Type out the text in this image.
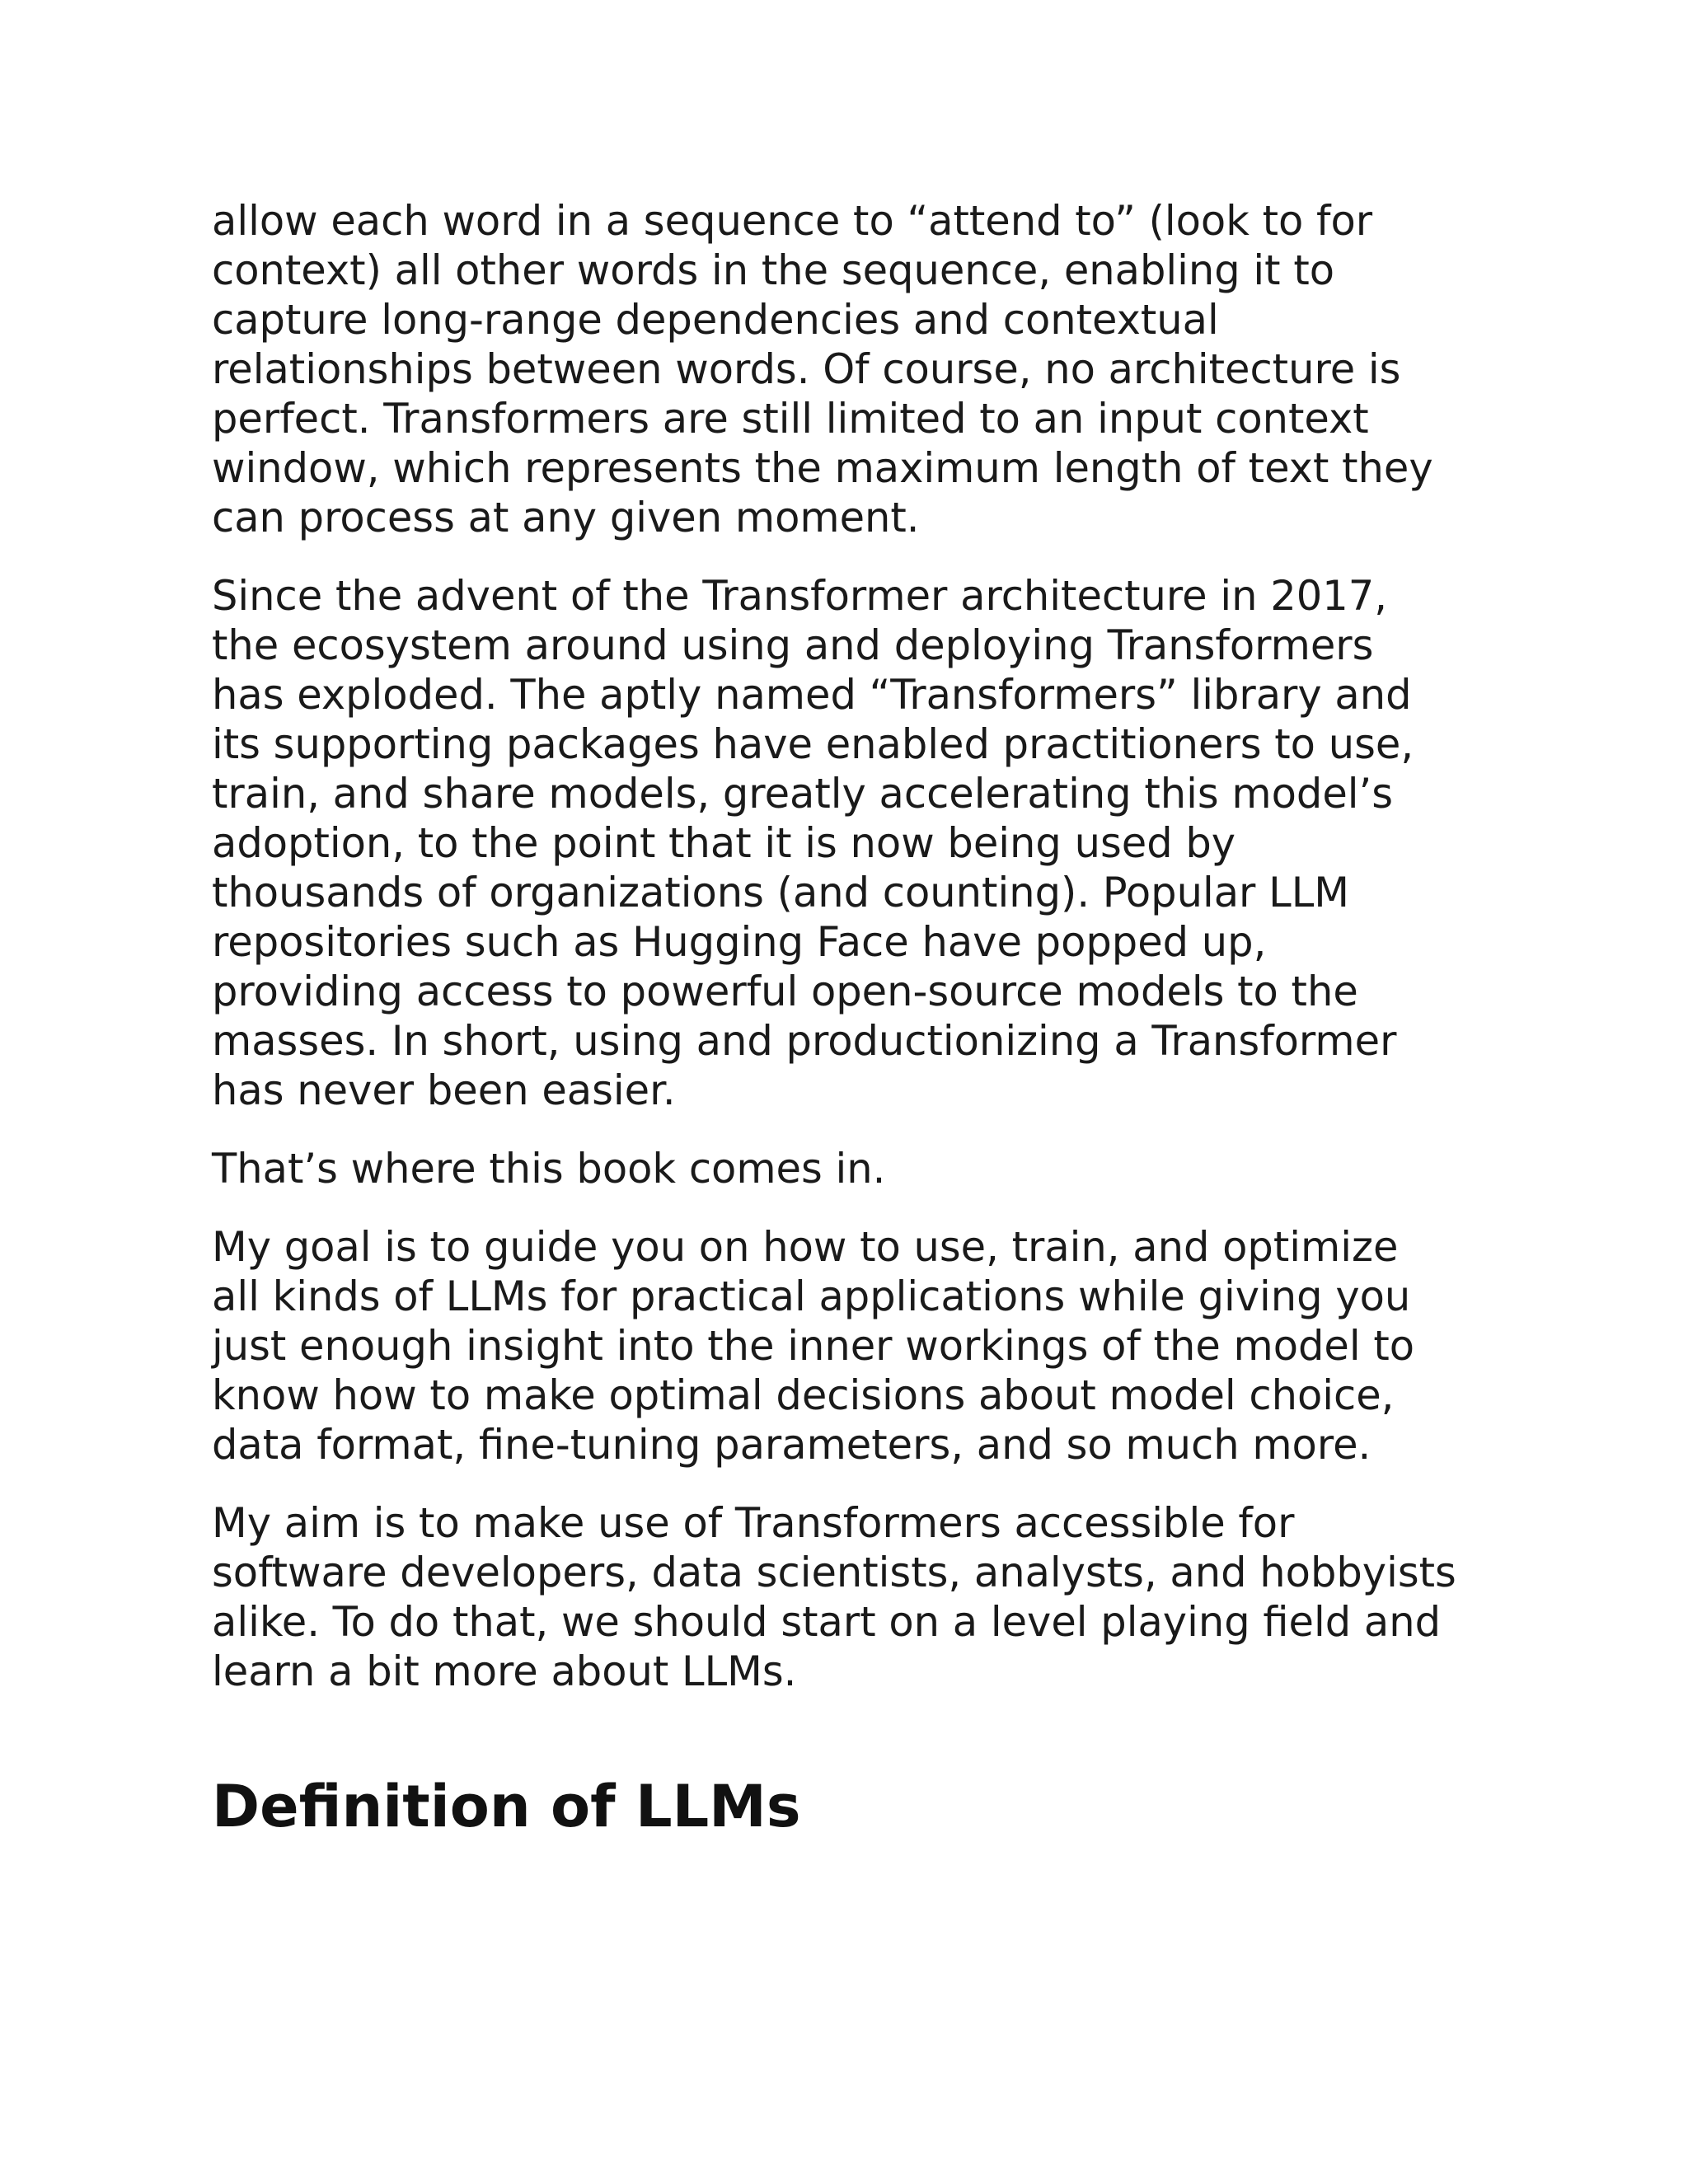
allow each word in a sequence to “attend to” (look to for
context) all other words in the sequence, enabling it to
capture long-range dependencies and contextual
relationships between words. Of course, no architecture is
perfect. Transformers are still limited to an input context
window, which represents the maximum length of text they
can process at any given moment.

Since the advent of the Transformer architecture in 2017,
the ecosystem around using and deploying Transformers
has exploded. The aptly named “Transformers” library and
its supporting packages have enabled practitioners to use,
train, and share models, greatly accelerating this model’s
adoption, to the point that it is now being used by
thousands of organizations (and counting). Popular LLM
repositories such as Hugging Face have popped up,
providing access to powerful open-source models to the
masses. In short, using and productionizing a Transformer
has never been easier.

That’s where this book comes in.

My goal is to guide you on how to use, train, and optimize
all kinds of LLMs for practical applications while giving you
just enough insight into the inner workings of the model to
know how to make optimal decisions about model choice,
data format, fine-tuning parameters, and so much more.

My aim is to make use of Transformers accessible for
software developers, data scientists, analysts, and hobbyists
alike. To do that, we should start on a level playing field and
learn a bit more about LLMs.

Definition of LLMs
